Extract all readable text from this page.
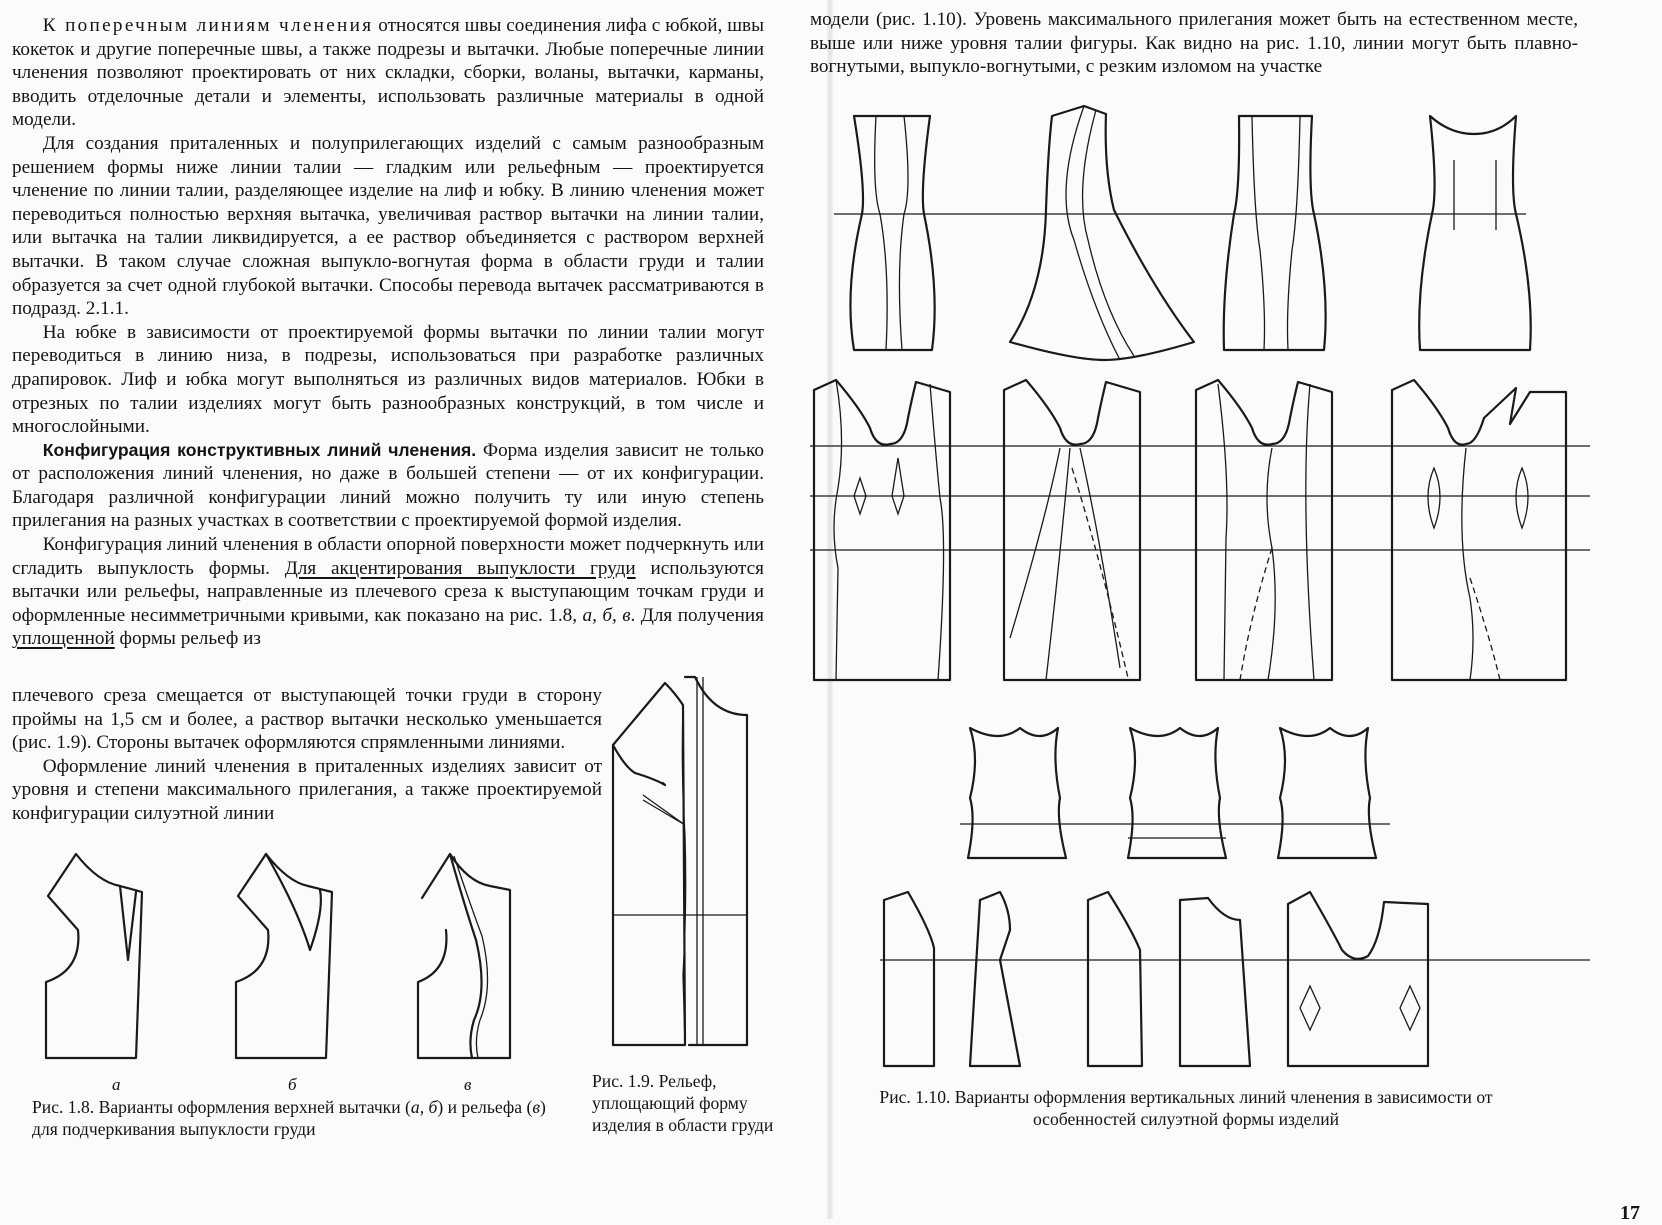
К поперечным линиям членения относятся швы соединения лифа с юбкой, швы кокеток и другие поперечные швы, а также подрезы и вытачки. Любые поперечные линии членения позволяют проектировать от них складки, сборки, воланы, вытачки, карманы, вводить отделочные детали и элементы, использовать различные материалы в одной модели.

Для создания приталенных и полуприлегающих изделий с самым разнообразным решением формы ниже линии талии — гладким или рельефным — проектируется членение по линии талии, разделяющее изделие на лиф и юбку. В линию членения может переводиться полностью верхняя вытачка, увеличивая раствор вытачки на линии талии, или вытачка на талии ликвидируется, а ее раствор объединяется с раствором верхней вытачки. В таком случае сложная выпукло-вогнутая форма в области груди и талии образуется за счет одной глубокой вытачки. Способы перевода вытачек рассматриваются в подразд. 2.1.1.

На юбке в зависимости от проектируемой формы вытачки по линии талии могут переводиться в линию низа, в подрезы, использоваться при разработке различных драпировок. Лиф и юбка могут выполняться из различных видов материалов. Юбки в отрезных по талии изделиях могут быть разнообразных конструкций, в том числе и многослойными.

Конфигурация конструктивных линий членения. Форма изделия зависит не только от расположения линий членения, но даже в большей степени — от их конфигурации. Благодаря различной конфигурации линий можно получить ту или иную степень прилегания на разных участках в соответствии с проектируемой формой изделия.

Конфигурация линий членения в области опорной поверхности может подчеркнуть или сгладить выпуклость формы. Для акцентирования выпуклости груди используются вытачки или рельефы, направленные из плечевого среза к выступающим точкам груди и оформленные несимметричными кривыми, как показано на рис. 1.8, а, б, в. Для получения уплощенной формы рельеф из

плечевого среза смещается от выступающей точки груди в сторону проймы на 1,5 см и более, а раствор вытачки несколько уменьшается (рис. 1.9). Стороны вытачек оформляются спрямленными линиями.

Оформление линий членения в приталенных изделиях зависит от уровня и степени максимального прилегания, а также проектируемой конфигурации силуэтной линии

а	б	в
Рис. 1.8. Варианты оформления верхней вытачки (а, б) и рельефа (в) для подчеркивания выпуклости груди
Рис. 1.9. Рельеф, уплощающий форму изделия в области груди

модели (рис. 1.10). Уровень максимального прилегания может быть на естественном месте, выше или ниже уровня талии фигуры. Как видно на рис. 1.10, линии могут быть плавно-вогнутыми, выпукло-вогнутыми, с резким изломом на участке

Рис. 1.10. Варианты оформления вертикальных линий членения в зависимости от особенностей силуэтной формы изделий
17
